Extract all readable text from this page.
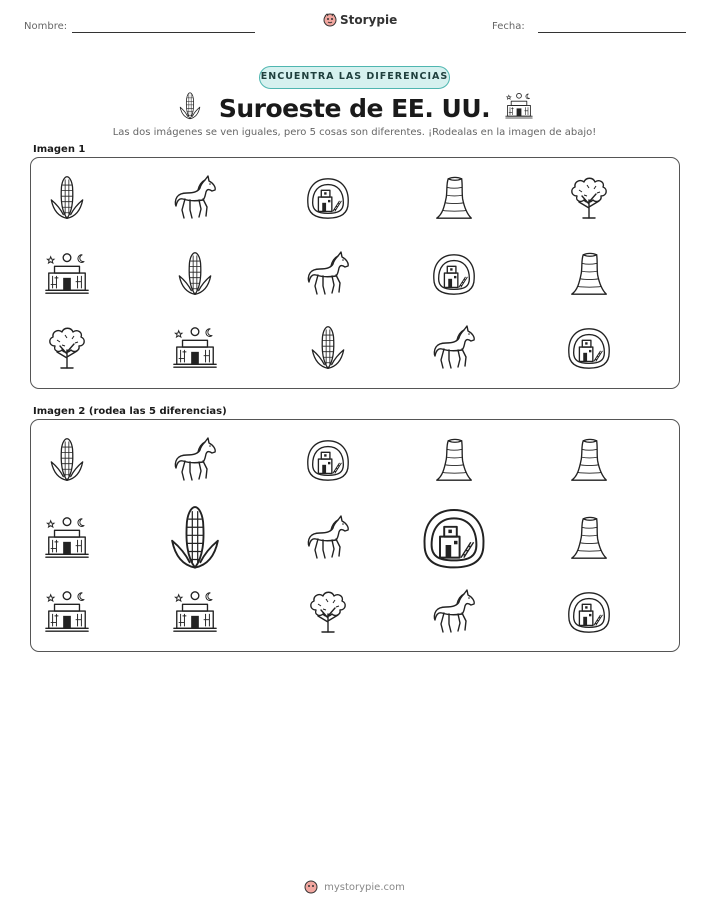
Nombre:	Storypie	Fecha:
ENCUENTRA LAS DIFERENCIAS
Suroeste de EE. UU.
Las dos imágenes se ven iguales, pero 5 cosas son diferentes. ¡Rodealas en la imagen de abajo!
Imagen 1
Imagen 2 (rodea las 5 diferencias)
mystorypie.com
